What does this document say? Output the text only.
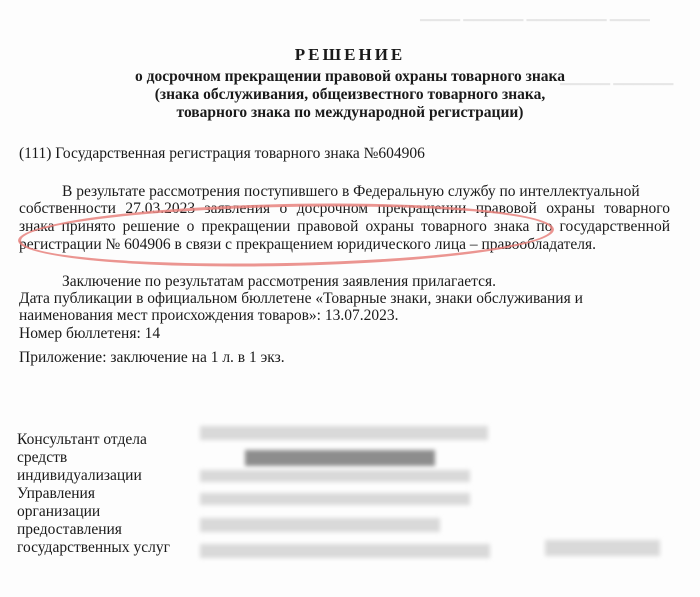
▁▁▁▁ ▁▁▁▁▁▁ ▁▁▁▁▁▁▁▁ ▁▁▁▁
▁▁▁▁▁ ▁▁▁▁▁▁
РЕШЕНИЕ
о досрочном прекращении правовой охраны товарного знака
(знака обслуживания, общеизвестного товарного знака,
товарного знака по международной регистрации)
(111) Государственная регистрация товарного знака №604906
В результате рассмотрения поступившего в Федеральную службу по интеллектуальной
собственности 27.03.2023 заявления о досрочном прекращении правовой охраны товарного
знака принято решение о прекращении правовой охраны товарного знака по государственной
регистрации № 604906 в связи с прекращением юридического лица – правообладателя.
Заключение по результатам рассмотрения заявления прилагается.
Дата публикации в официальном бюллетене «Товарные знаки, знаки обслуживания и
наименования мест происхождения товаров»: 13.07.2023.
Номер бюллетеня: 14
Приложение: заключение на 1 л. в 1 экз.
Консультант отдела
средств
индивидуализации
Управления
организации
предоставления
государственных услуг
